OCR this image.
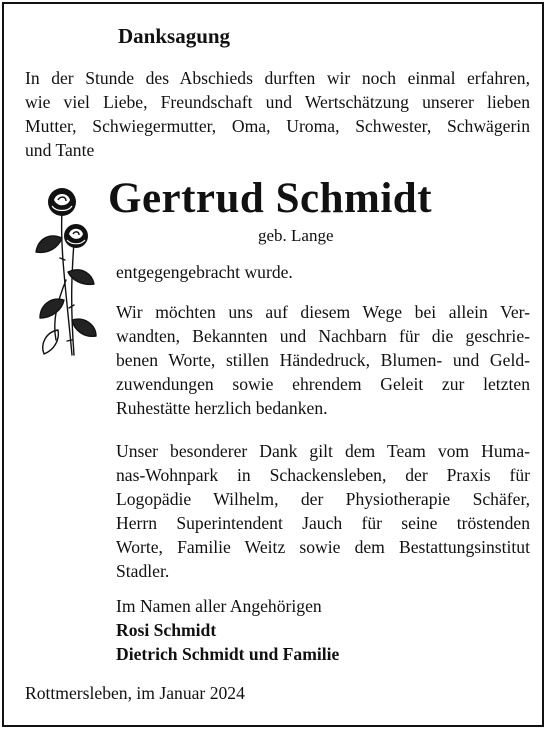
Danksagung
In der Stunde des Abschieds durften wir noch einmal erfahren,
wie viel Liebe, Freundschaft und Wertschätzung unserer lieben
Mutter, Schwiegermutter, Oma, Uroma, Schwester, Schwägerin
und Tante
Gertrud Schmidt
geb. Lange
entgegengebracht wurde.
Wir möchten uns auf diesem Wege bei allein Ver-
wandten, Bekannten und Nachbarn für die geschrie-
benen Worte, stillen Händedruck, Blumen- und Geld-
zuwendungen sowie ehrendem Geleit zur letzten
Ruhestätte herzlich bedanken.
Unser besonderer Dank gilt dem Team vom Huma-
nas-Wohnpark in Schackensleben, der Praxis für
Logopädie Wilhelm, der Physiotherapie Schäfer,
Herrn Superintendent Jauch für seine tröstenden
Worte, Familie Weitz sowie dem Bestattungsinstitut
Stadler.
Im Namen aller Angehörigen
Rosi Schmidt
Dietrich Schmidt und Familie
Rottmersleben, im Januar 2024
